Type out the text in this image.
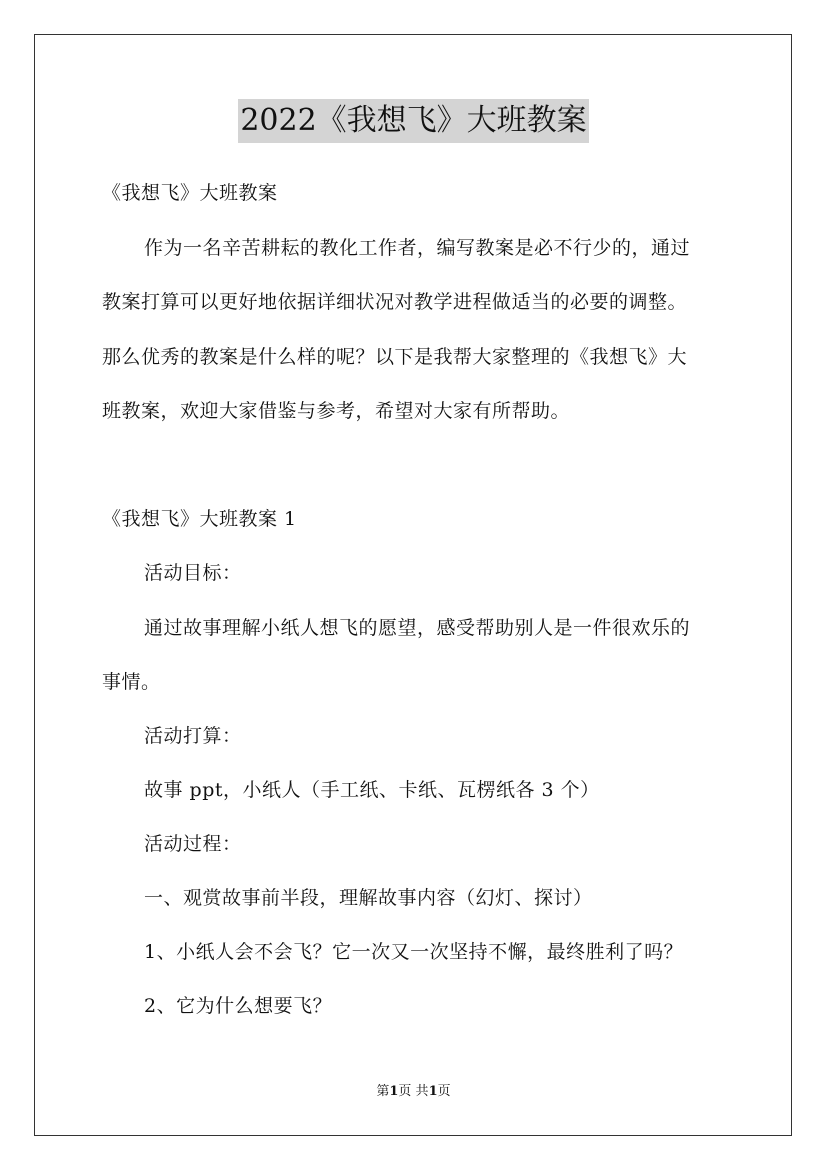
2022《我想飞》大班教案
《我想飞》大班教案
作为一名辛苦耕耘的教化工作者，编写教案是必不行少的，通过
教案打算可以更好地依据详细状况对教学进程做适当的必要的调整。
那么优秀的教案是什么样的呢？以下是我帮大家整理的《我想飞》大
班教案，欢迎大家借鉴与参考，希望对大家有所帮助。
《我想飞》大班教案 1
活动目标：
通过故事理解小纸人想飞的愿望，感受帮助别人是一件很欢乐的
事情。
活动打算：
故事 ppt，小纸人（手工纸、卡纸、瓦楞纸各 3 个）
活动过程：
一、观赏故事前半段，理解故事内容（幻灯、探讨）
1、小纸人会不会飞？它一次又一次坚持不懈，最终胜利了吗？
2、它为什么想要飞？
第1页 共1页
